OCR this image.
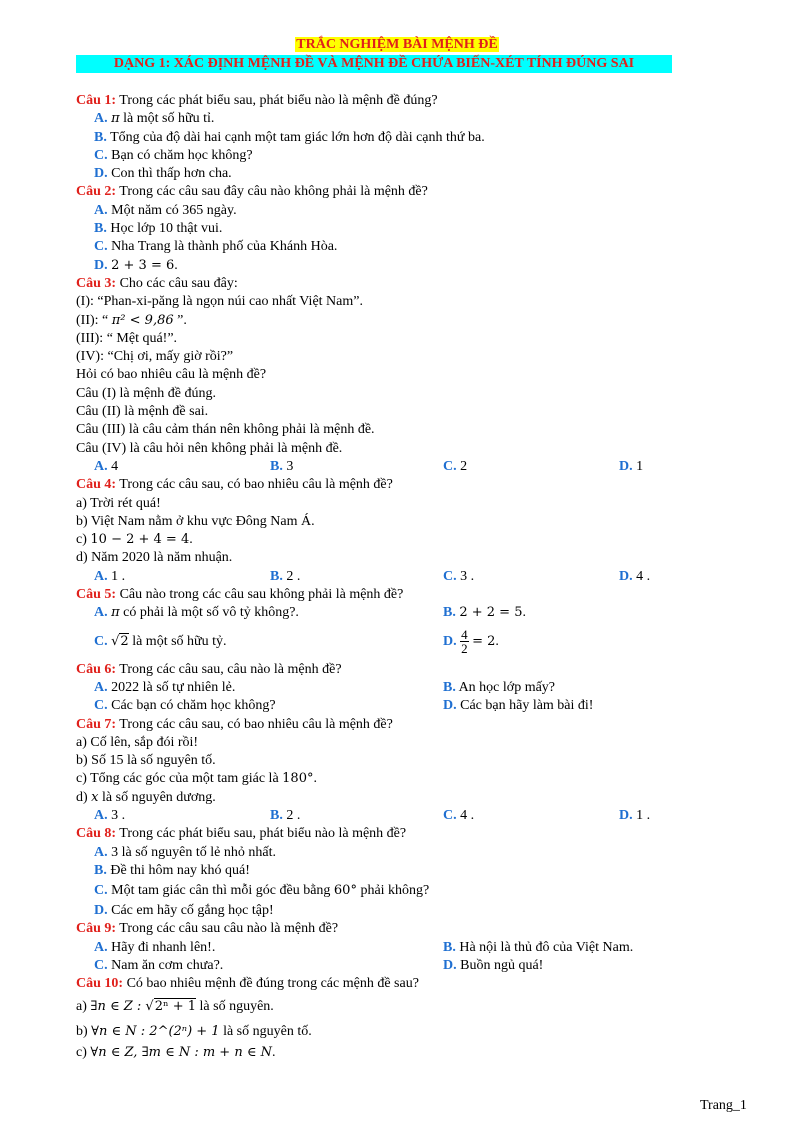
TRẮC NGHIỆM BÀI MỆNH ĐỀ
DẠNG 1: XÁC ĐỊNH MỆNH ĐỀ VÀ MỆNH ĐỀ CHỨA BIẾN-XÉT TÍNH ĐÚNG SAI
Câu 1: Trong các phát biểu sau, phát biểu nào là mệnh đề đúng?
A. π là một số hữu tỉ.
B. Tổng của độ dài hai cạnh một tam giác lớn hơn độ dài cạnh thứ ba.
C. Bạn có chăm học không?
D. Con thì thấp hơn cha.
Câu 2: Trong các câu sau đây câu nào không phải là mệnh đề?
A. Một năm có 365 ngày.
B. Học lớp 10 thật vui.
C. Nha Trang là thành phố của Khánh Hòa.
D. 2 + 3 = 6.
Câu 3: Cho các câu sau đây:
(I): “Phan-xi-păng là ngọn núi cao nhất Việt Nam”.
(II): “ π² < 9,86 ”.
(III): “ Mệt quá!”.
(IV): “Chị ơi, mấy giờ rồi?”
Hỏi có bao nhiêu câu là mệnh đề?
Câu (I) là mệnh đề đúng.
Câu (II) là mệnh đề sai.
Câu (III) là câu cảm thán nên không phải là mệnh đề.
Câu (IV) là câu hỏi nên không phải là mệnh đề.
A. 4	B. 3	C. 2	D. 1
Câu 4: Trong các câu sau, có bao nhiêu câu là mệnh đề?
a) Trời rét quá!
b) Việt Nam nằm ở khu vực Đông Nam Á.
c) 10 − 2 + 4 = 4.
d) Năm 2020 là năm nhuận.
A. 1 .	B. 2 .	C. 3 .	D. 4 .
Câu 5: Câu nào trong các câu sau không phải là mệnh đề?
A. π có phải là một số vô tỷ không?.	B. 2 + 2 = 5.
C. √2 là một số hữu tỷ.	D. $\frac{4}{2} = 2$.
Câu 6: Trong các câu sau, câu nào là mệnh đề?
A. 2022 là số tự nhiên lẻ.	B. An học lớp mấy?
C. Các bạn có chăm học không?	D. Các bạn hãy làm bài đi!
Câu 7: Trong các câu sau, có bao nhiêu câu là mệnh đề?
a) Cố lên, sắp đói rồi!
b) Số 15 là số nguyên tố.
c) Tổng các góc của một tam giác là 180°.
d) x là số nguyên dương.
A. 3 .	B. 2 .	C. 4 .	D. 1 .
Câu 8: Trong các phát biểu sau, phát biểu nào là mệnh đề?
A. 3 là số nguyên tố lẻ nhỏ nhất.
B. Đề thi hôm nay khó quá!
C. Một tam giác cân thì mỗi góc đều bằng 60° phải không?
D. Các em hãy cố gắng học tập!
Câu 9: Trong các câu sau câu nào là mệnh đề?
A. Hãy đi nhanh lên!.	B. Hà nội là thủ đô của Việt Nam.
C. Nam ăn cơm chưa?.	D. Buồn ngủ quá!
Câu 10: Có bao nhiêu mệnh đề đúng trong các mệnh đề sau?
a) ∃n ∈ Z : √2ⁿ + 1 là số nguyên.
b) ∀n ∈ N : 2^(2ⁿ) + 1 là số nguyên tố.
c) ∀n ∈ Z, ∃m ∈ N : m + n ∈ N.
Trang_1
